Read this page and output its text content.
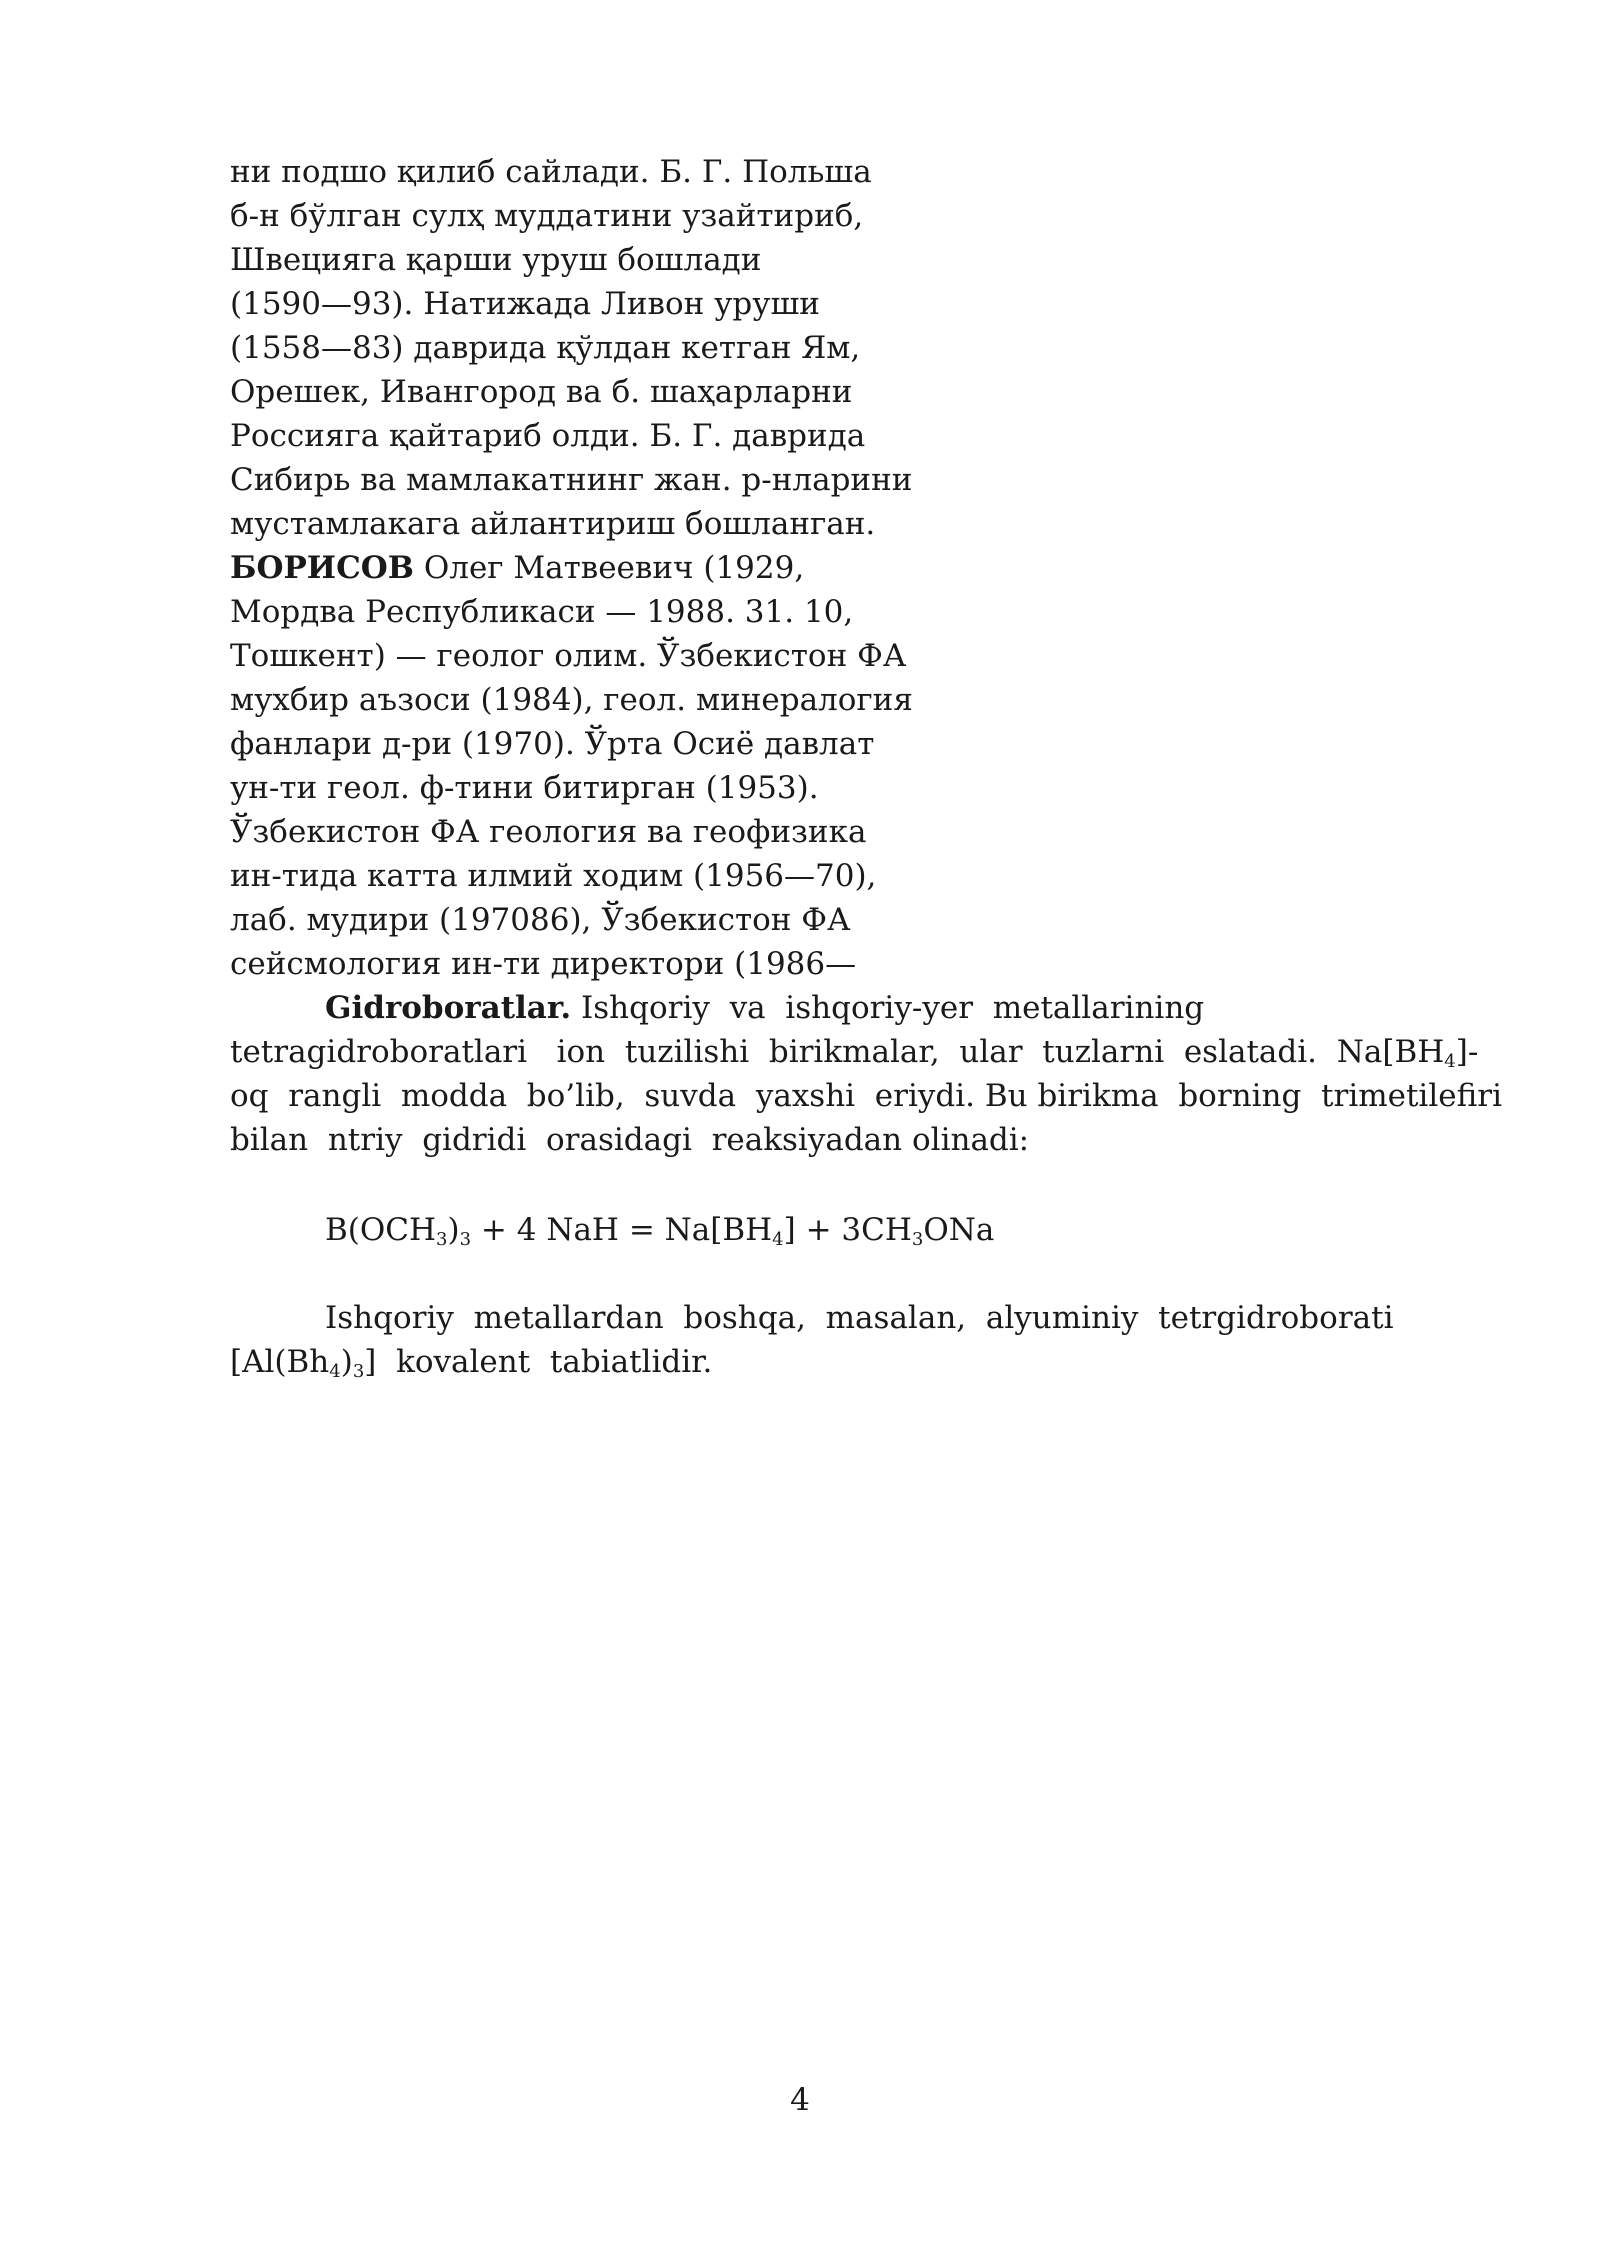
ни подшо қилиб сайлади. Б. Г. Польша
б-н бўлган сулҳ муддатини узайтириб,
Швецияга қарши уруш бошлади
(1590—93). Натижада Ливон уруши
(1558—83) даврида қўлдан кетган Ям,
Орешек, Ивангород ва б. шаҳарларни
Россияга қайтариб олди. Б. Г. даврида
Сибирь ва мамлакатнинг жан. р-нларини
мустамлакага айлантириш бошланган.
БОРИСОВ Олег Матвеевич (1929,
Мордва Республикаси — 1988. 31. 10,
Тошкент) — геолог олим. Ўзбекистон ФА
мухбир аъзоси (1984), геол. минералогия
фанлари д-ри (1970). Ўрта Осиё давлат
ун-ти геол. ф-тини битирган (1953).
Ўзбекистон ФА геология ва геофизика
ин-тида катта илмий ходим (1956—70),
лаб. мудири (197086), Ўзбекистон ФА
сейсмология ин-ти директори (1986—
Gidroboratlar. Ishqoriy  va  ishqoriy-yer  metallarining
tetragidroboratlari   ion  tuzilishi  birikmalar,  ular  tuzlarni  eslatadi.  $Na[BH_4]-$
oq  rangli  modda  bo’lib,  suvda  yaxshi  eriydi. Bu birikma  borning  trimetilefiri
bilan  ntriy  gidridi  orasidagi  reaksiyadan olinadi:
$B(OCH_3)_3 + 4$ NaH = $Na[BH_4] + 3CH_3ONa$
Ishqoriy  metallardan  boshqa,  masalan,  alyuminiy  tetrgidroborati
$[Al(Bh_4)_3]$  kovalent  tabiatlidir.
4
